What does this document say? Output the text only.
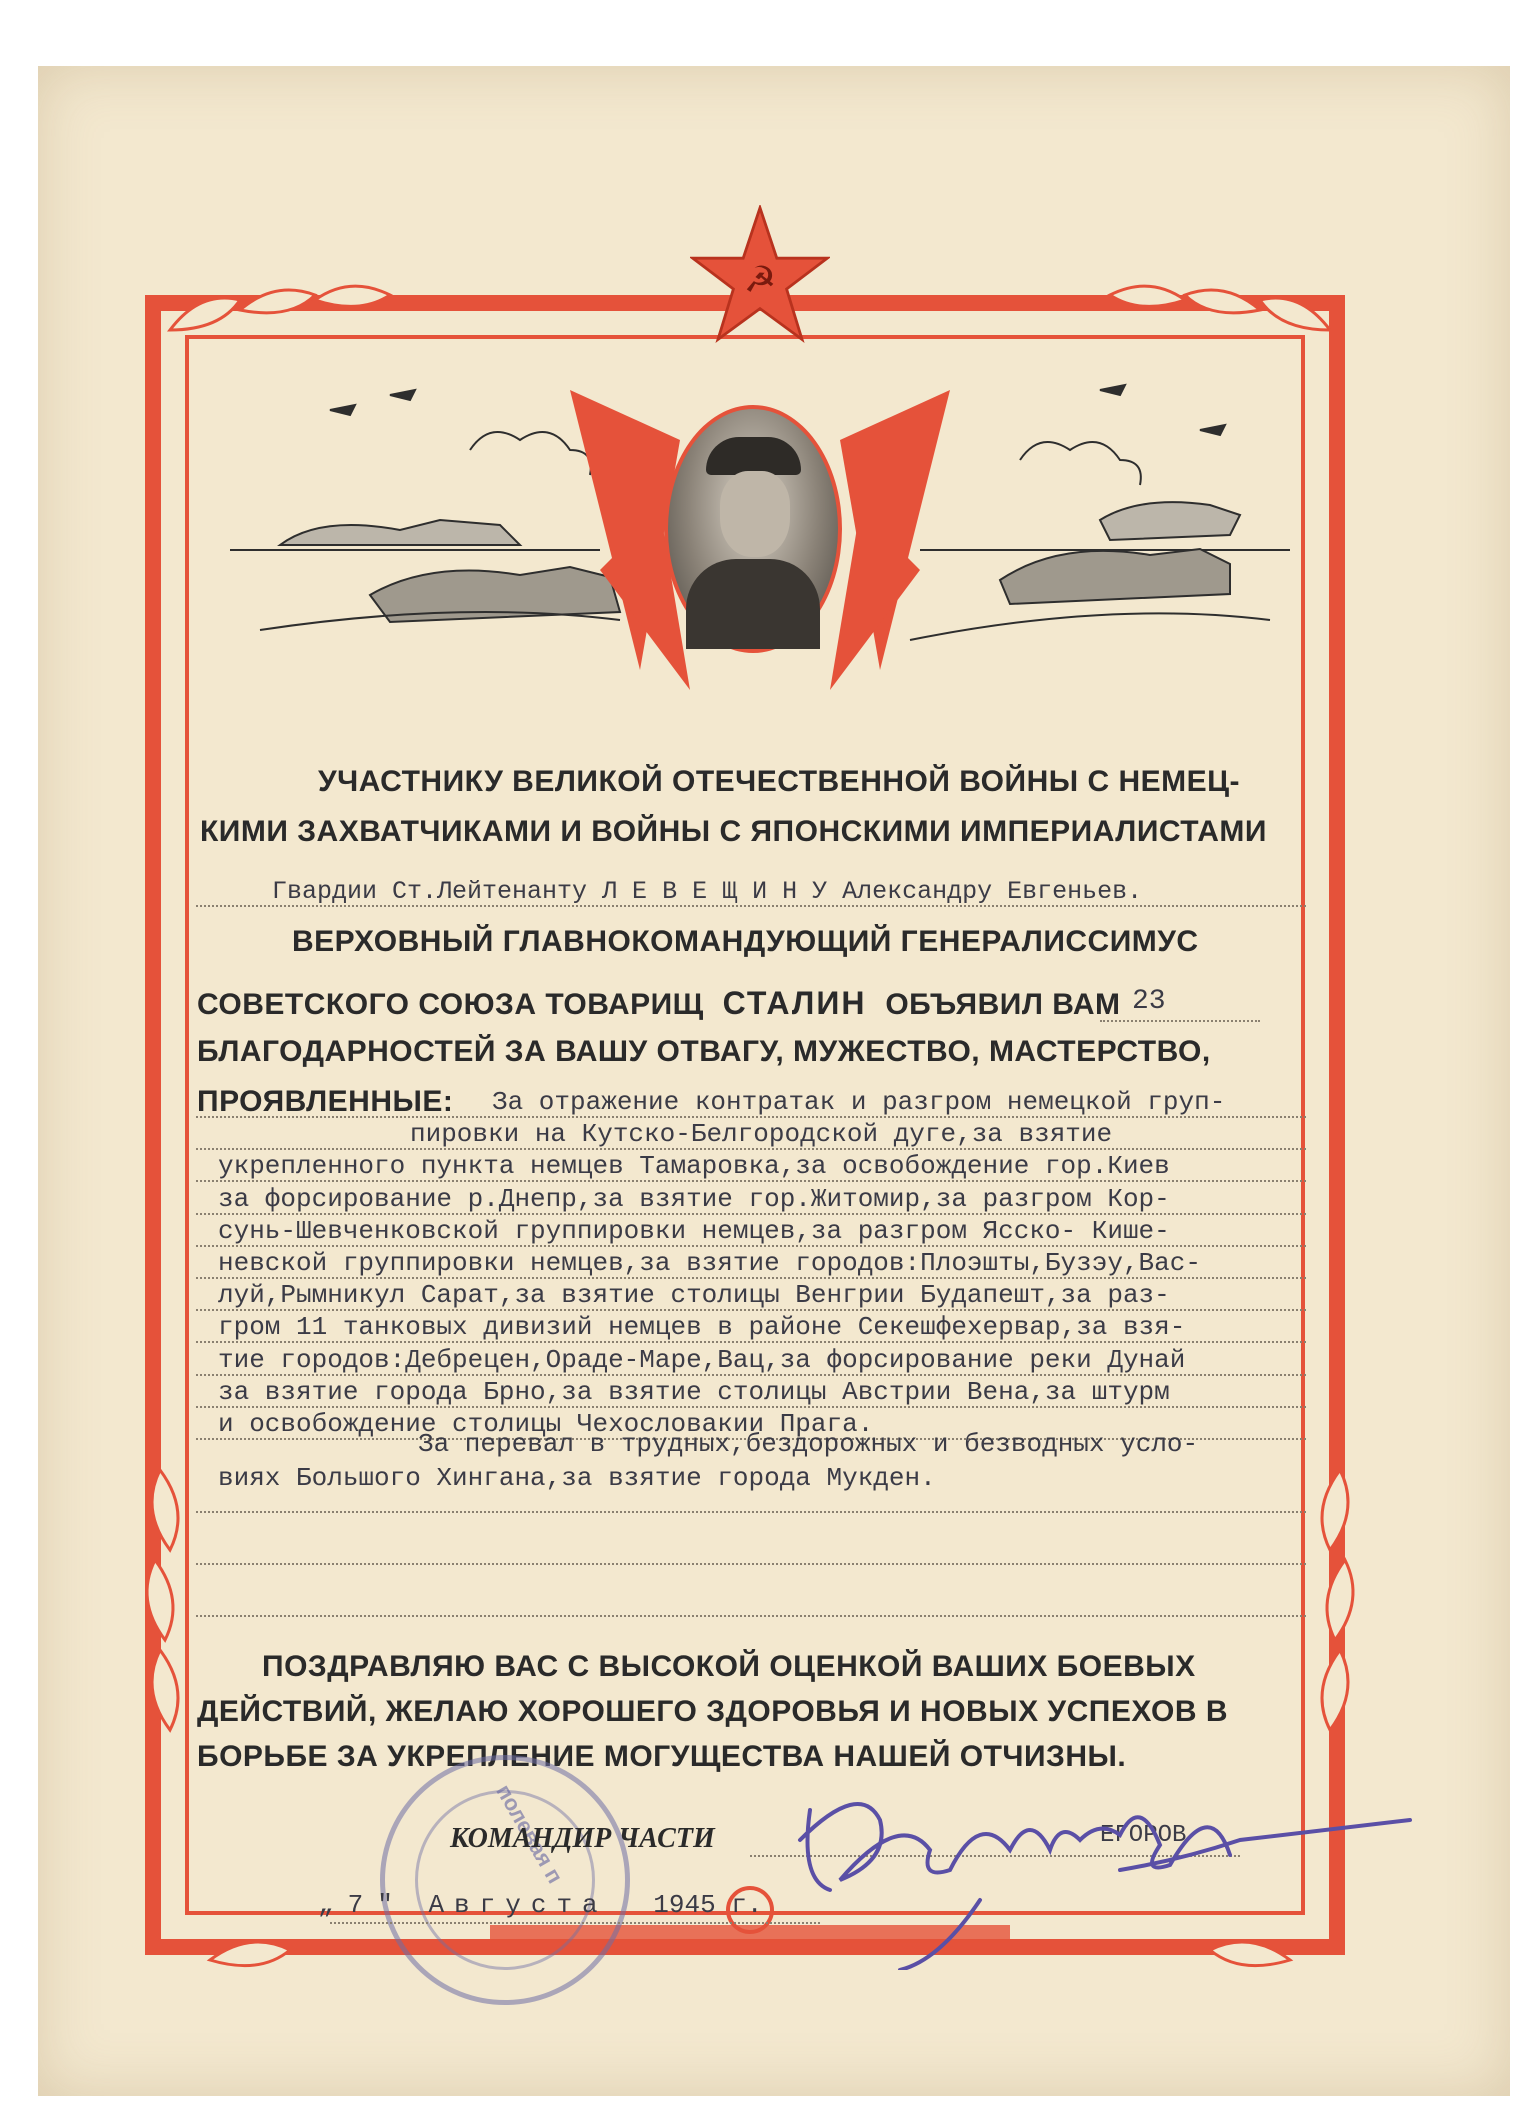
☭
УЧАСТНИКУ ВЕЛИКОЙ ОТЕЧЕСТВЕННОЙ ВОЙНЫ С НЕМЕЦ-
КИМИ ЗАХВАТЧИКАМИ И ВОЙНЫ С ЯПОНСКИМИ ИМПЕРИАЛИСТАМИ
Гвардии Ст.Лейтенанту Л Е В Е Щ И Н У Александру Евгеньев.
ВЕРХОВНЫЙ ГЛАВНОКОМАНДУЮЩИЙ ГЕНЕРАЛИССИМУС
СОВЕТСКОГО СОЮЗА ТОВАРИЩ СТАЛИН ОБЪЯВИЛ ВАМ 23
БЛАГОДАРНОСТЕЙ ЗА ВАШУ ОТВАГУ, МУЖЕСТВО, МАСТЕРСТВО,
ПРОЯВЛЕННЫЕ:	За отражение контратак и разгром немецкой груп-
пировки на Кутско-Белгородской дуге,за взятие
укрепленного пункта немцев Тамаровка,за освобождение гор.Киев
за форсирование р.Днепр,за взятие гор.Житомир,за разгром Кор-
сунь-Шевченковской группировки немцев,за разгром Ясско- Кише-
невской группировки немцев,за взятие городов:Плоэшты,Бузэу,Вас-
луй,Рымникул Сарат,за взятие столицы Венгрии Будапешт,за раз-
гром 11 танковых дивизий немцев в районе Секешфехервар,за взя-
тие городов:Дебрецен,Ораде-Маре,Вац,за форсирование реки Дунай
за взятие города Брно,за взятие столицы Австрии Вена,за штурм
и освобождение столицы Чехословакии Прага.
За перевал в трудных,бездорожных и безводных усло-
виях Большого Хингана,за взятие города Мукден.
ПОЗДРАВЛЯЮ ВАС С ВЫСОКОЙ ОЦЕНКОЙ ВАШИХ БОЕВЫХ
ДЕЙСТВИЙ, ЖЕЛАЮ ХОРОШЕГО ЗДОРОВЬЯ И НОВЫХ УСПЕХОВ В
БОРЬБЕ ЗА УКРЕПЛЕНИЕ МОГУЩЕСТВА НАШЕЙ ОТЧИЗНЫ.
полевая п
КОМАНДИР ЧАСТИ	ЕГОРОВ
„ 7 " Августа 1945 г.
